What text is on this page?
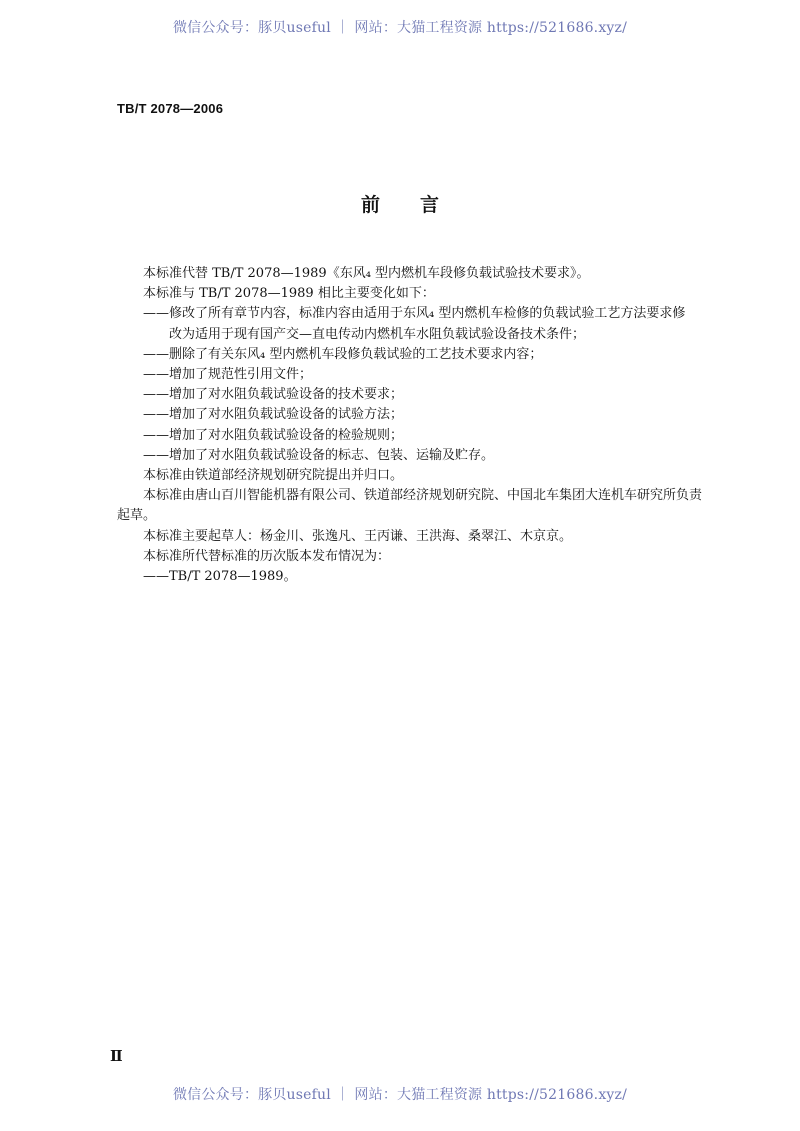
微信公众号：豚贝useful ｜ 网站：大猫工程资源 https://521686.xyz/
TB/T 2078—2006
前言
本标准代替 TB/T 2078—1989《东风₄ 型内燃机车段修负载试验技术要求》。
本标准与 TB/T 2078—1989 相比主要变化如下：
——修改了所有章节内容，标准内容由适用于东风₄ 型内燃机车检修的负载试验工艺方法要求修
改为适用于现有国产交—直电传动内燃机车水阻负载试验设备技术条件；
——删除了有关东风₄ 型内燃机车段修负载试验的工艺技术要求内容；
——增加了规范性引用文件；
——增加了对水阻负载试验设备的技术要求；
——增加了对水阻负载试验设备的试验方法；
——增加了对水阻负载试验设备的检验规则；
——增加了对水阻负载试验设备的标志、包装、运输及贮存。
本标准由铁道部经济规划研究院提出并归口。
本标准由唐山百川智能机器有限公司、铁道部经济规划研究院、中国北车集团大连机车研究所负责
起草。
本标准主要起草人：杨金川、张逸凡、王丙谦、王洪海、桑翠江、木京京。
本标准所代替标准的历次版本发布情况为：
——TB/T 2078—1989。
Ⅱ
微信公众号：豚贝useful ｜ 网站：大猫工程资源 https://521686.xyz/
